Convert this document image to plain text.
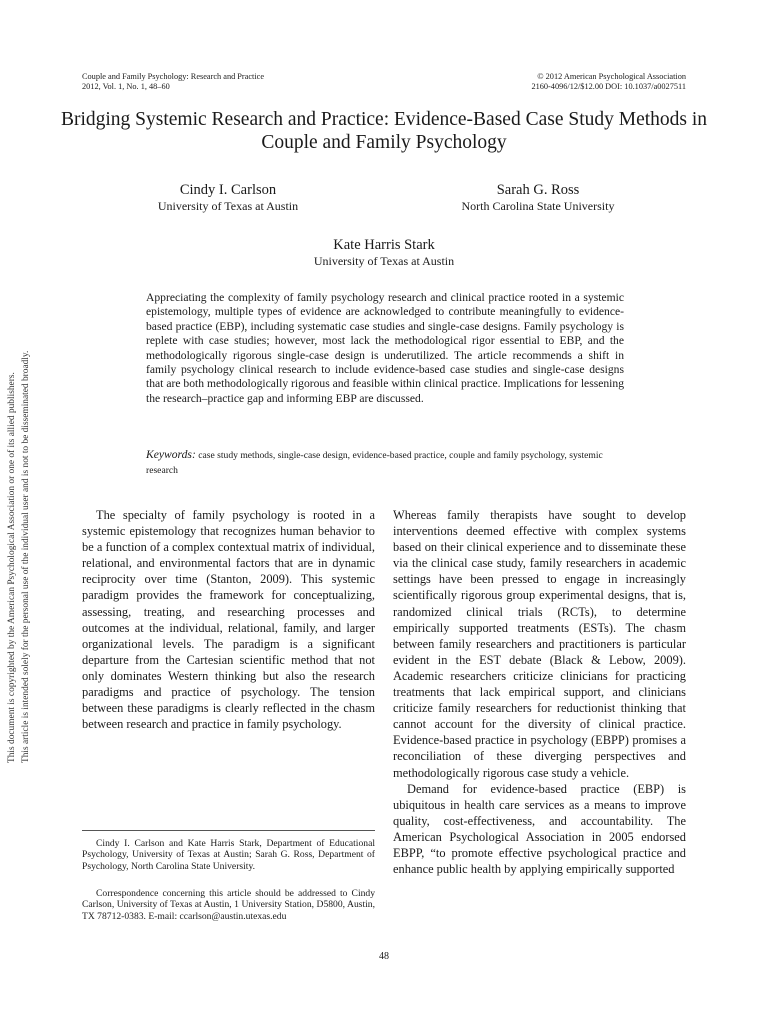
Couple and Family Psychology: Research and Practice
2012, Vol. 1, No. 1, 48–60
© 2012 American Psychological Association
2160-4096/12/$12.00 DOI: 10.1037/a0027511
Bridging Systemic Research and Practice: Evidence-Based Case Study Methods in Couple and Family Psychology
Cindy I. Carlson
University of Texas at Austin
Sarah G. Ross
North Carolina State University
Kate Harris Stark
University of Texas at Austin

Appreciating the complexity of family psychology research and clinical practice rooted in a systemic epistemology, multiple types of evidence are acknowledged to contribute meaningfully to evidence-based practice (EBP), including systematic case studies and single-case designs. Family psychology is replete with case studies; however, most lack the methodological rigor essential to EBP, and the methodologically rigorous single-case design is underutilized. The article recommends a shift in family psychology clinical research to include evidence-based case studies and single-case designs that are both methodologically rigorous and feasible within clinical practice. Implications for lessening the research–practice gap and informing EBP are discussed.

Keywords: case study methods, single-case design, evidence-based practice, couple and family psychology, systemic research

This document is copyrighted by the American Psychological Association or one of its allied publishers. This article is intended solely for the personal use of the individual user and is not to be disseminated broadly.	The specialty of family psychology is rooted in a systemic epistemology that recognizes human behavior to be a function of a complex contextual matrix of individual, relational, and environmental factors that are in dynamic reciprocity over time (Stanton, 2009). This systemic paradigm provides the framework for conceptualizing, assessing, treating, and researching processes and outcomes at the individual, relational, family, and larger organizational levels. The paradigm is a significant departure from the Cartesian scientific method that not only dominates Western thinking but also the research paradigms and practice of psychology. The tension between these paradigms is clearly reflected in the chasm between research and practice in family psychology.

Whereas family therapists have sought to develop interventions deemed effective with complex systems based on their clinical experience and to disseminate these via the clinical case study, family researchers in academic settings have been pressed to engage in increasingly scientifically rigorous group experimental designs, that is, randomized clinical trials (RCTs), to determine empirically supported treatments (ESTs). The chasm between family researchers and practitioners is particular evident in the EST debate (Black & Lebow, 2009). Academic researchers criticize clinicians for practicing treatments that lack empirical support, and clinicians criticize family researchers for reductionist thinking that cannot account for the diversity of clinical practice. Evidence-based practice in psychology (EBPP) promises a reconciliation of these diverging perspectives and methodologically rigorous case study a vehicle.

Demand for evidence-based practice (EBP) is ubiquitous in health care services as a means to improve quality, cost-effectiveness, and accountability. The American Psychological Association in 2005 endorsed EBPP, “to promote effective psychological practice and enhance public health by applying empirically supported

Cindy I. Carlson and Kate Harris Stark, Department of Educational Psychology, University of Texas at Austin; Sarah G. Ross, Department of Psychology, North Carolina State University.

Correspondence concerning this article should be addressed to Cindy Carlson, University of Texas at Austin, 1 University Station, D5800, Austin, TX 78712-0383. E-mail: ccarlson@austin.utexas.edu

48
